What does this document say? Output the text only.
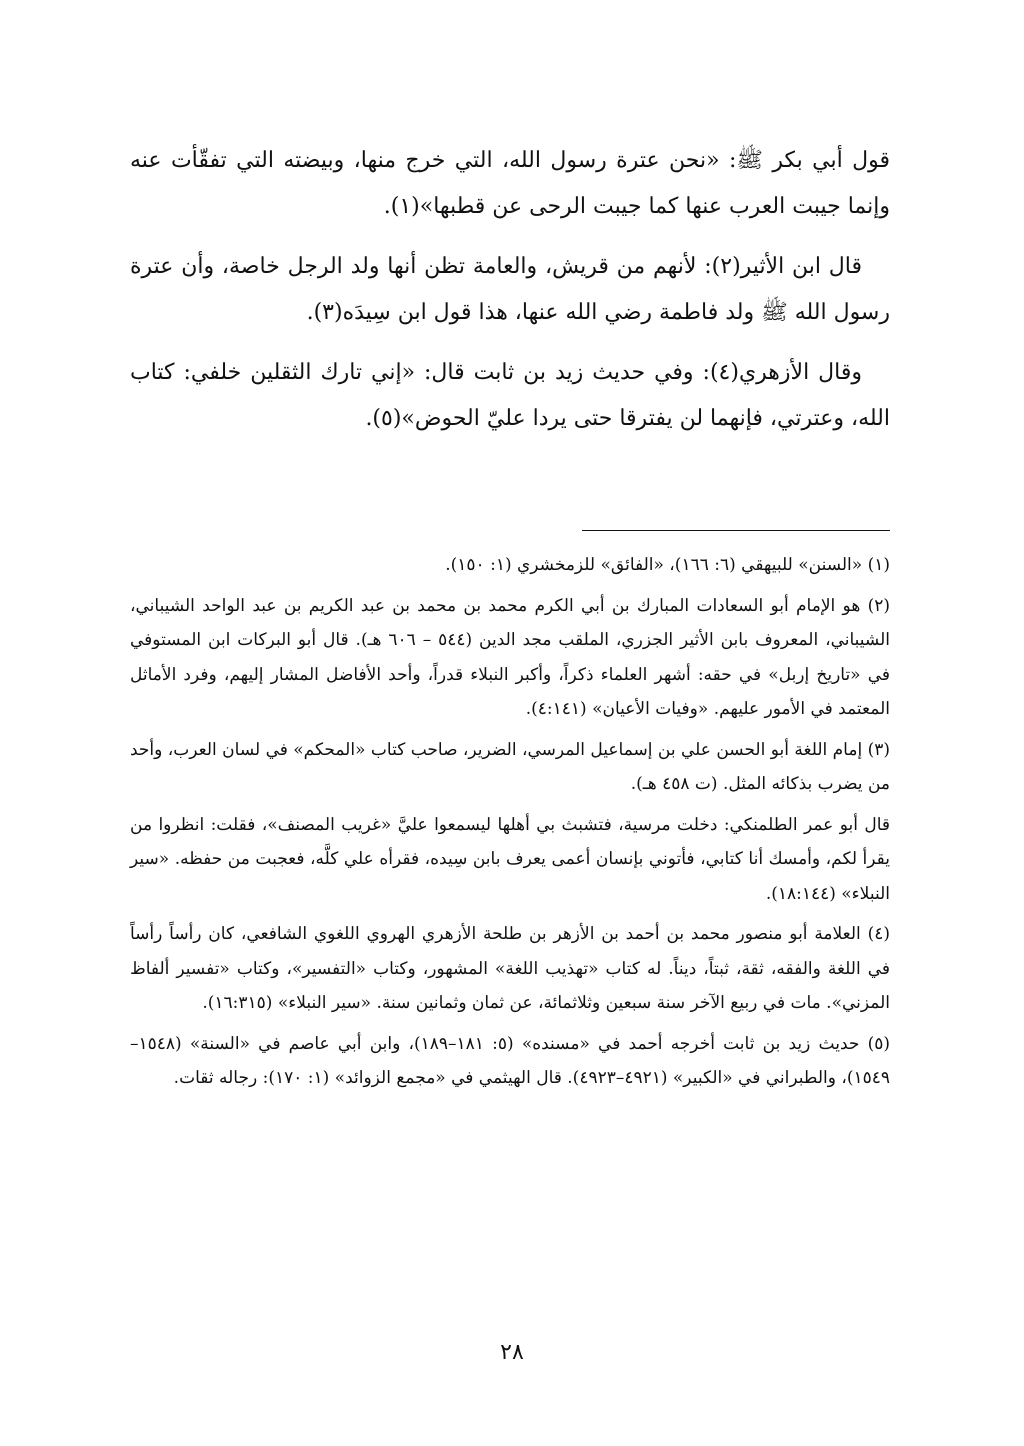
قول أبي بكر ﷺ: «نحن عترة رسول الله، التي خرج منها، وبيضته التي تفقّأت عنه وإنما جيبت العرب عنها كما جيبت الرحى عن قطبها»(١).

قال ابن الأثير(٢): لأنهم من قريش، والعامة تظن أنها ولد الرجل خاصة، وأن عترة رسول الله ﷺ ولد فاطمة رضي الله عنها، هذا قول ابن سِيدَه(٣).

وقال الأزهري(٤): وفي حديث زيد بن ثابت قال: «إني تارك الثقلين خلفي: كتاب الله، وعترتي، فإنهما لن يفترقا حتى يردا عليّ الحوض»(٥).

(١) «السنن» للبيهقي (٦: ١٦٦)، «الفائق» للزمخشري (١: ١٥٠).

(٢) هو الإمام أبو السعادات المبارك بن أبي الكرم محمد بن محمد بن عبد الكريم بن عبد الواحد الشيباني، الشيباني، المعروف بابن الأثير الجزري، الملقب مجد الدين (٥٤٤ – ٦٠٦ هـ). قال أبو البركات ابن المستوفي في «تاريخ إربل» في حقه: أشهر العلماء ذكراً، وأكبر النبلاء قدراً، وأحد الأفاضل المشار إليهم، وفرد الأماثل المعتمد في الأمور عليهم. «وفيات الأعيان» (٤:١٤١).

(٣) إمام اللغة أبو الحسن علي بن إسماعيل المرسي، الضرير، صاحب كتاب «المحكم» في لسان العرب، وأحد من يضرب بذكائه المثل. (ت ٤٥٨ هـ).

قال أبو عمر الطلمنكي: دخلت مرسية، فتشبث بي أهلها ليسمعوا عليَّ «غريب المصنف»، فقلت: انظروا من يقرأ لكم، وأمسك أنا كتابي، فأتوني بإنسان أعمى يعرف بابن سِيده، فقرأه علي كلَّه، فعجبت من حفظه. «سير النبلاء» (١٨:١٤٤).

(٤) العلامة أبو منصور محمد بن أحمد بن الأزهر بن طلحة الأزهري الهروي اللغوي الشافعي، كان رأساً رأساً في اللغة والفقه، ثقة، ثبتاً، ديناً. له كتاب «تهذيب اللغة» المشهور، وكتاب «التفسير»، وكتاب «تفسير ألفاظ المزني». مات في ربيع الآخر سنة سبعين وثلاثمائة، عن ثمان وثمانين سنة. «سير النبلاء» (١٦:٣١٥).

(٥) حديث زيد بن ثابت أخرجه أحمد في «مسنده» (٥: ١٨١–١٨٩)، وابن أبي عاصم في «السنة» (١٥٤٨–١٥٤٩)، والطبراني في «الكبير» (٤٩٢١–٤٩٢٣). قال الهيثمي في «مجمع الزوائد» (١: ١٧٠): رجاله ثقات.

٢٨
